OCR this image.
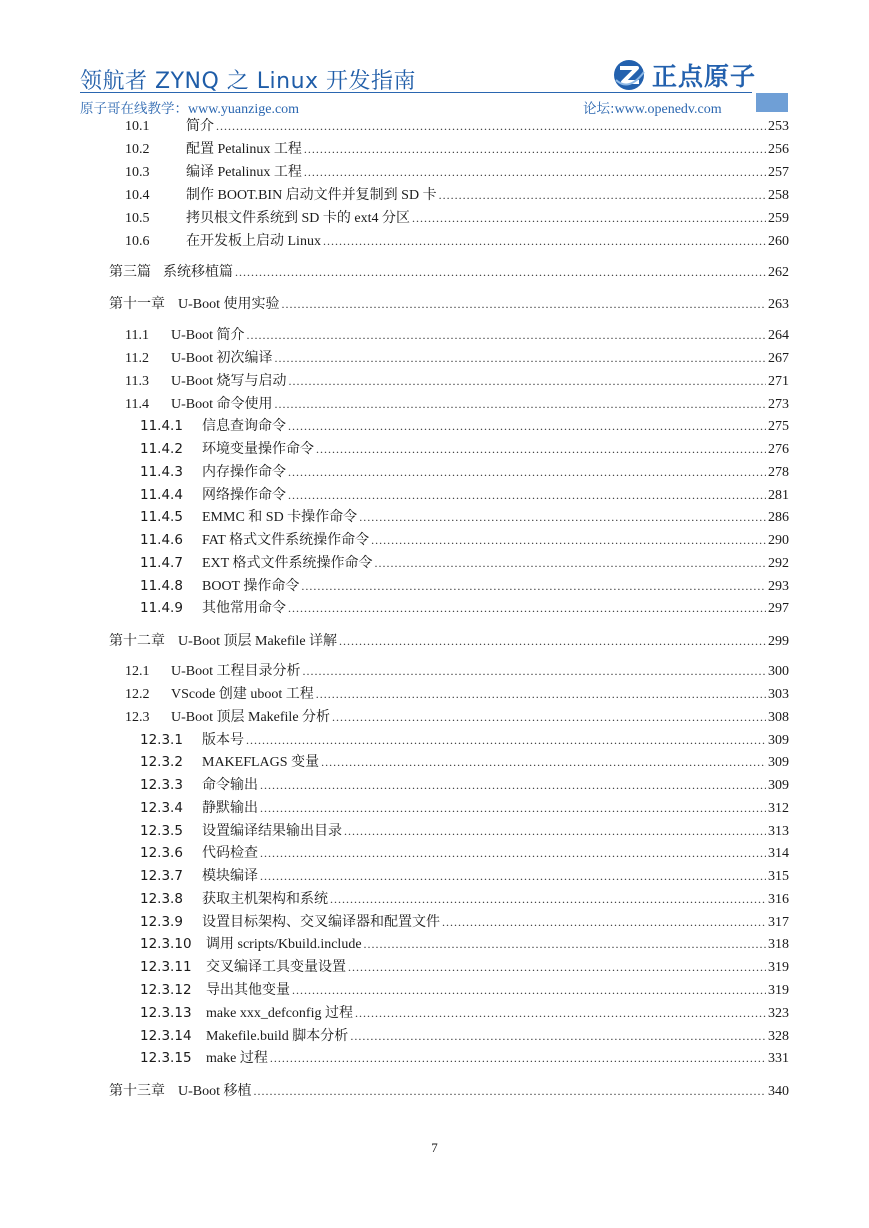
领航者 ZYNQ 之 Linux 开发指南	正点原子
原子哥在线教学：www.yuanzige.com	论坛:www.openedv.com
10.1	简介 .....	253
10.2	配置 Petalinux 工程 .....	256
10.3	编译 Petalinux 工程 .....	257
10.4	制作 BOOT.BIN 启动文件并复制到 SD 卡 .....	258
10.5	拷贝根文件系统到 SD 卡的 ext4 分区 .....	259
10.6	在开发板上启动 Linux .....	260
第三篇 系统移植篇 .....	262
第十一章 U-Boot 使用实验 .....	263
11.1	U-Boot 简介 .....	264
11.2	U-Boot 初次编译 .....	267
11.3	U-Boot 烧写与启动 .....	271
11.4	U-Boot 命令使用 .....	273
11.4.1	信息查询命令 .....	275
11.4.2	环境变量操作命令 .....	276
11.4.3	内存操作命令 .....	278
11.4.4	网络操作命令 .....	281
11.4.5	EMMC 和 SD 卡操作命令 .....	286
11.4.6	FAT 格式文件系统操作命令 .....	290
11.4.7	EXT 格式文件系统操作命令 .....	292
11.4.8	BOOT 操作命令 .....	293
11.4.9	其他常用命令 .....	297
第十二章 U-Boot 顶层 Makefile 详解 .....	299
12.1	U-Boot 工程目录分析 .....	300
12.2	VScode 创建 uboot 工程 .....	303
12.3	U-Boot 顶层 Makefile 分析 .....	308
12.3.1	版本号 .....	309
12.3.2	MAKEFLAGS 变量 .....	309
12.3.3	命令输出 .....	309
12.3.4	静默输出 .....	312
12.3.5	设置编译结果输出目录 .....	313
12.3.6	代码检查 .....	314
12.3.7	模块编译 .....	315
12.3.8	获取主机架构和系统 .....	316
12.3.9	设置目标架构、交叉编译器和配置文件 .....	317
12.3.10	调用 scripts/Kbuild.include .....	318
12.3.11	交叉编译工具变量设置 .....	319
12.3.12	导出其他变量 .....	319
12.3.13	make xxx_defconfig 过程 .....	323
12.3.14	Makefile.build 脚本分析 .....	328
12.3.15	make 过程 .....	331
第十三章 U-Boot 移植 .....	340
7
